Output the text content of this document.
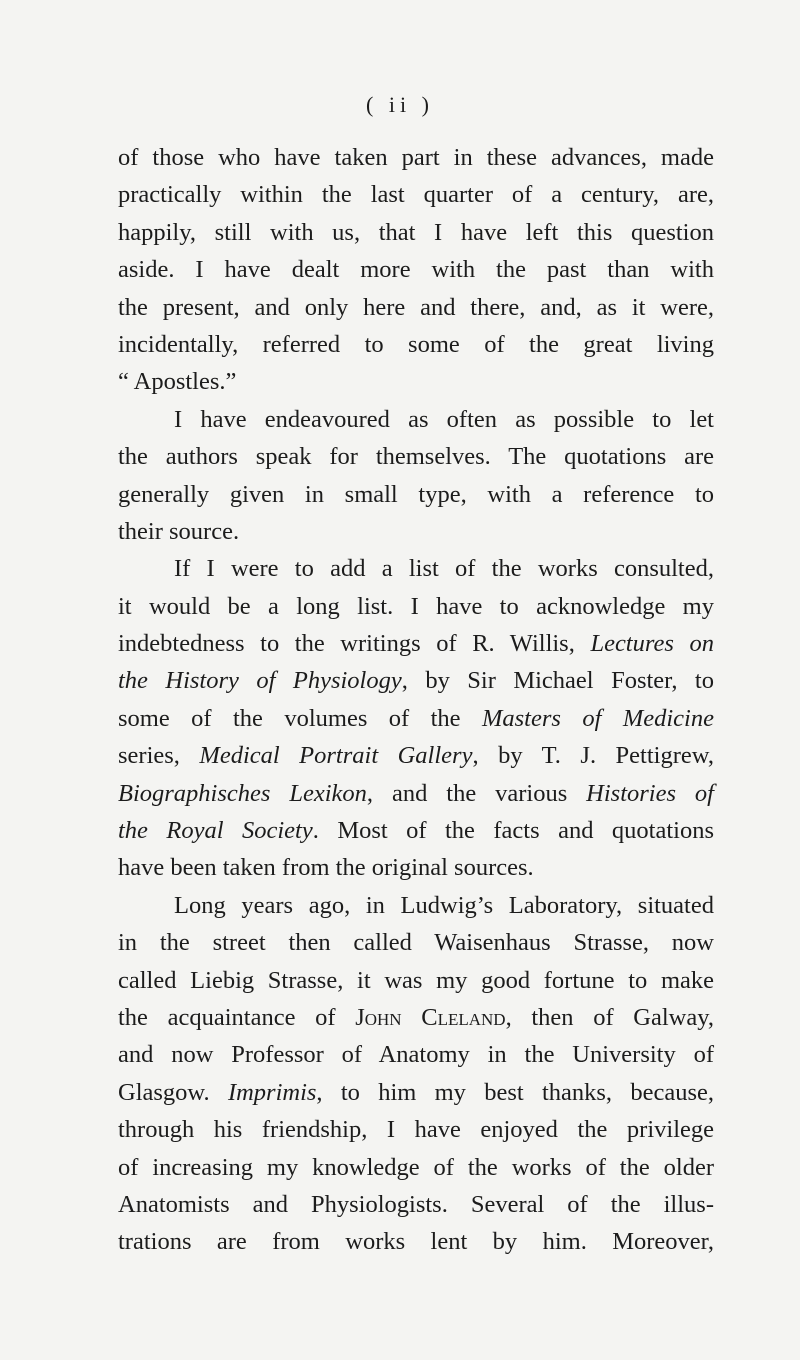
( ii )
of those who have taken part in these advances, made
practically within the last quarter of a century, are,
happily, still with us, that I have left this question
aside. I have dealt more with the past than with
the present, and only here and there, and, as it were,
incidentally, referred to some of the great living
“ Apostles.”
I have endeavoured as often as possible to let
the authors speak for themselves. The quotations are
generally given in small type, with a reference to
their source.
If I were to add a list of the works consulted,
it would be a long list. I have to acknowledge my
indebtedness to the writings of R. Willis, Lectures on
the History of Physiology, by Sir Michael Foster, to
some of the volumes of the Masters of Medicine
series, Medical Portrait Gallery, by T. J. Pettigrew,
Biographisches Lexikon, and the various Histories of
the Royal Society. Most of the facts and quotations
have been taken from the original sources.
Long years ago, in Ludwig’s Laboratory, situated
in the street then called Waisenhaus Strasse, now
called Liebig Strasse, it was my good fortune to make
the acquaintance of John Cleland, then of Galway,
and now Professor of Anatomy in the University of
Glasgow. Imprimis, to him my best thanks, because,
through his friendship, I have enjoyed the privilege
of increasing my knowledge of the works of the older
Anatomists and Physiologists. Several of the illus-
trations are from works lent by him. Moreover,
